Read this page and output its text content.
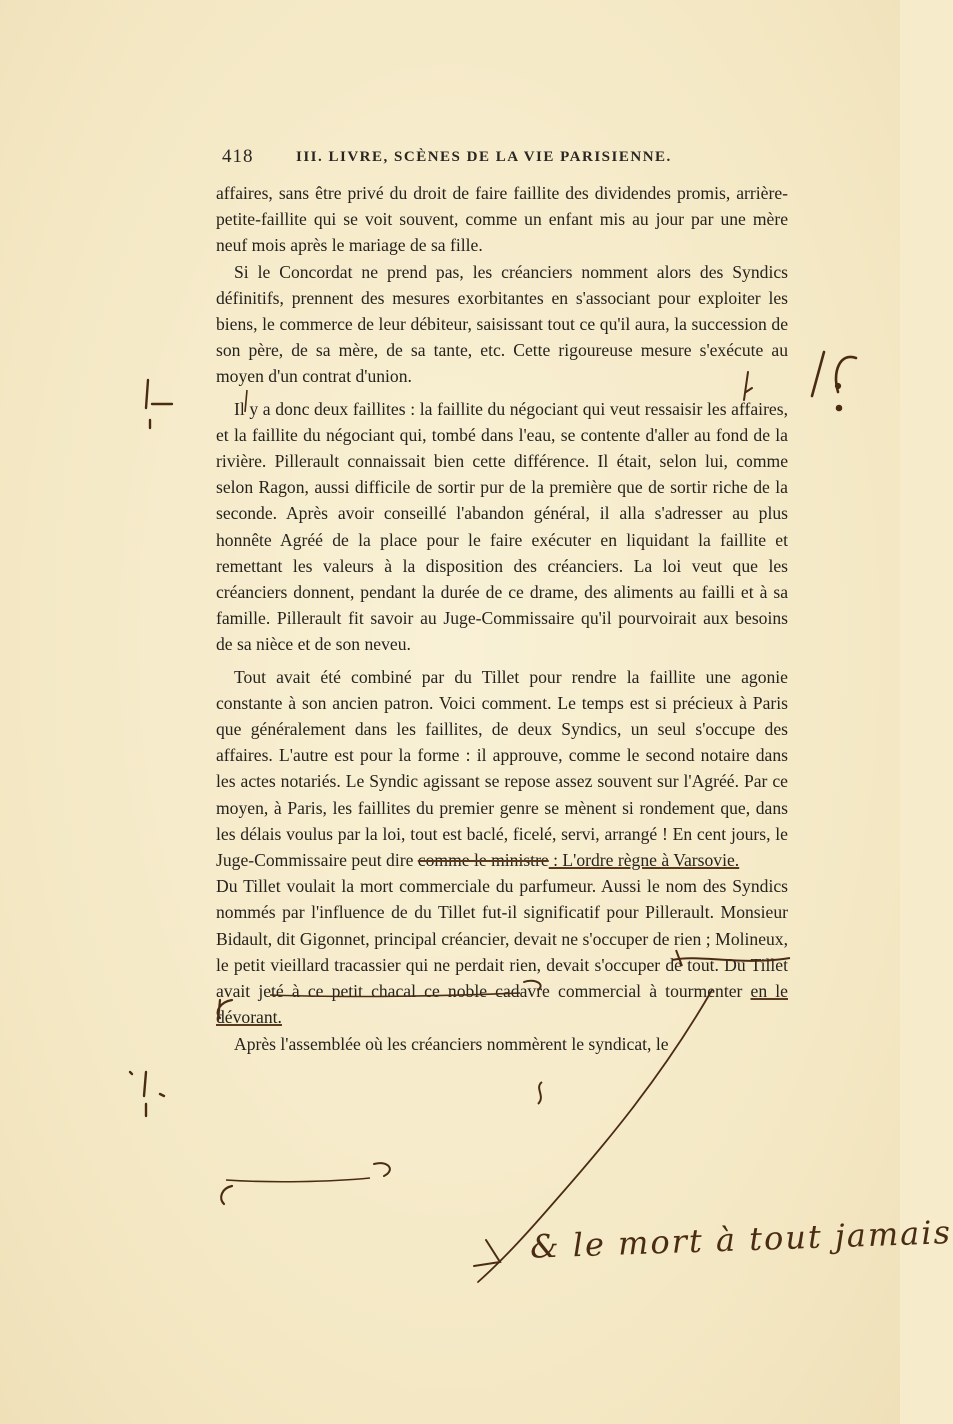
418	III. LIVRE, SCÈNES DE LA VIE PARISIENNE.

affaires, sans être privé du droit de faire faillite des dividendes promis, arrière-petite-faillite qui se voit souvent, comme un enfant mis au jour par une mère neuf mois après le mariage de sa fille.

Si le Concordat ne prend pas, les créanciers nomment alors des Syndics définitifs, prennent des mesures exorbitantes en s'associant pour exploiter les biens, le commerce de leur débiteur, saisissant tout ce qu'il aura, la succession de son père, de sa mère, de sa tante, etc. Cette rigoureuse mesure s'exécute au moyen d'un contrat d'union.

Il y a donc deux faillites : la faillite du négociant qui veut ressaisir les affaires, et la faillite du négociant qui, tombé dans l'eau, se contente d'aller au fond de la rivière. Pillerault connaissait bien cette différence. Il était, selon lui, comme selon Ragon, aussi difficile de sortir pur de la première que de sortir riche de la seconde. Après avoir conseillé l'abandon général, il alla s'adresser au plus honnête Agréé de la place pour le faire exécuter en liquidant la faillite et remettant les valeurs à la disposition des créanciers. La loi veut que les créanciers donnent, pendant la durée de ce drame, des aliments au failli et à sa famille. Pillerault fit savoir au Juge-Commissaire qu'il pourvoirait aux besoins de sa nièce et de son neveu.

Tout avait été combiné par du Tillet pour rendre la faillite une agonie constante à son ancien patron. Voici comment. Le temps est si précieux à Paris que généralement dans les faillites, de deux Syndics, un seul s'occupe des affaires. L'autre est pour la forme : il approuve, comme le second notaire dans les actes notariés. Le Syndic agissant se repose assez souvent sur l'Agréé. Par ce moyen, à Paris, les faillites du premier genre se mènent si rondement que, dans les délais voulus par la loi, tout est baclé, ficelé, servi, arrangé ! En cent jours, le Juge-Commissaire peut dire comme le ministre : L'ordre règne à Varsovie.

Du Tillet voulait la mort commerciale du parfumeur. Aussi le nom des Syndics nommés par l'influence de du Tillet fut-il significatif pour Pillerault. Monsieur Bidault, dit Gigonnet, principal créancier, devait ne s'occuper de rien ; Molineux, le petit vieillard tracassier qui ne perdait rien, devait s'occuper de tout. Du Tillet avait jeté à ce petit chacal ce noble cadavre commercial à tourmenter en le dévorant.

Après l'assemblée où les créanciers nommèrent le syndicat, le

& le mort à tout jamais
